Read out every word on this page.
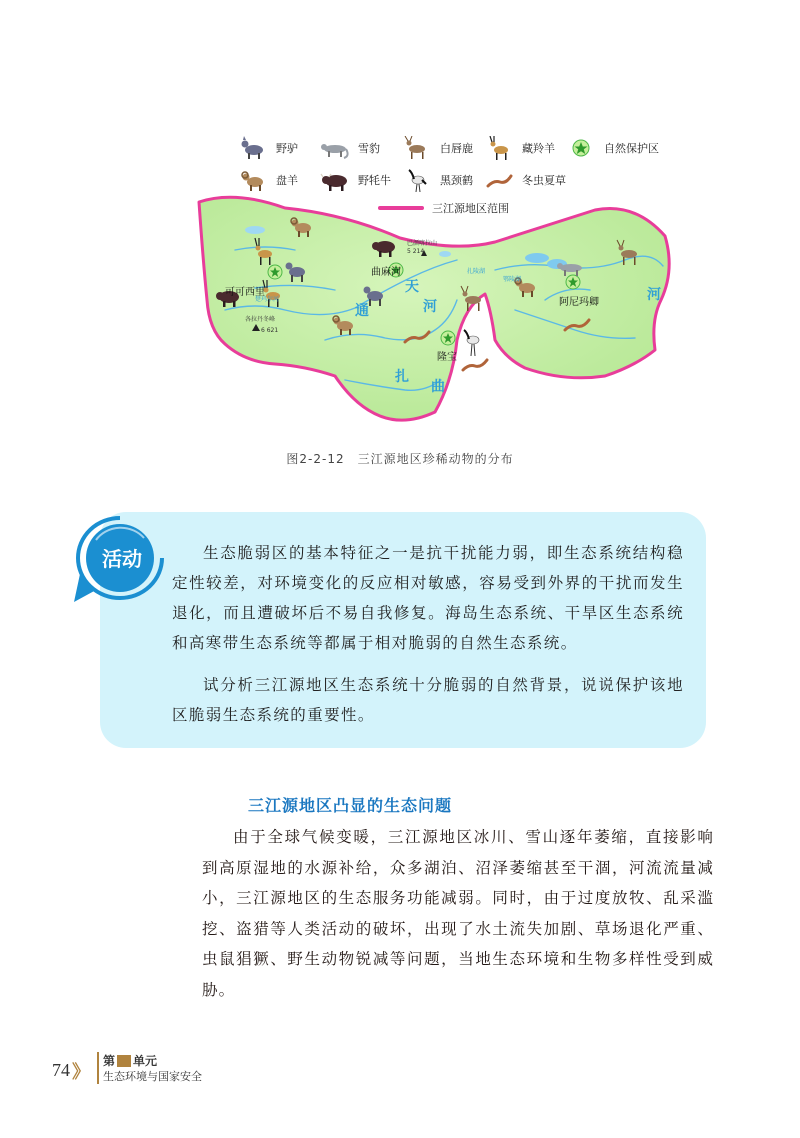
野驴	雪豹	白唇鹿	藏羚羊	自然保护区
盘羊	野牦牛	黑颈鹤	冬虫夏草
三江源地区范围
可可西里
曲麻河
阿尼玛卿
隆宝
通
天
河
扎
曲
河
各拉丹冬峰
6 621
巴颜喀拉山
5 214
楚玛尔河
扎陵湖
鄂陵湖
图2-2-12　三江源地区珍稀动物的分布
活动	生态脆弱区的基本特征之一是抗干扰能力弱，即生态系统结构稳定性较差，对环境变化的反应相对敏感，容易受到外界的干扰而发生退化，而且遭破坏后不易自我修复。海岛生态系统、干旱区生态系统和高寒带生态系统等都属于相对脆弱的自然生态系统。

试分析三江源地区生态系统十分脆弱的自然背景，说说保护该地区脆弱生态系统的重要性。

三江源地区凸显的生态问题

由于全球气候变暖，三江源地区冰川、雪山逐年萎缩，直接影响到高原湿地的水源补给，众多湖泊、沼泽萎缩甚至干涸，河流流量减小，三江源地区的生态服务功能减弱。同时，由于过度放牧、乱采滥挖、盗猎等人类活动的破坏，出现了水土流失加剧、草场退化严重、虫鼠猖獗、野生动物锐减等问题，当地生态环境和生物多样性受到威胁。

74 》
第 单元
生态环境与国家安全
